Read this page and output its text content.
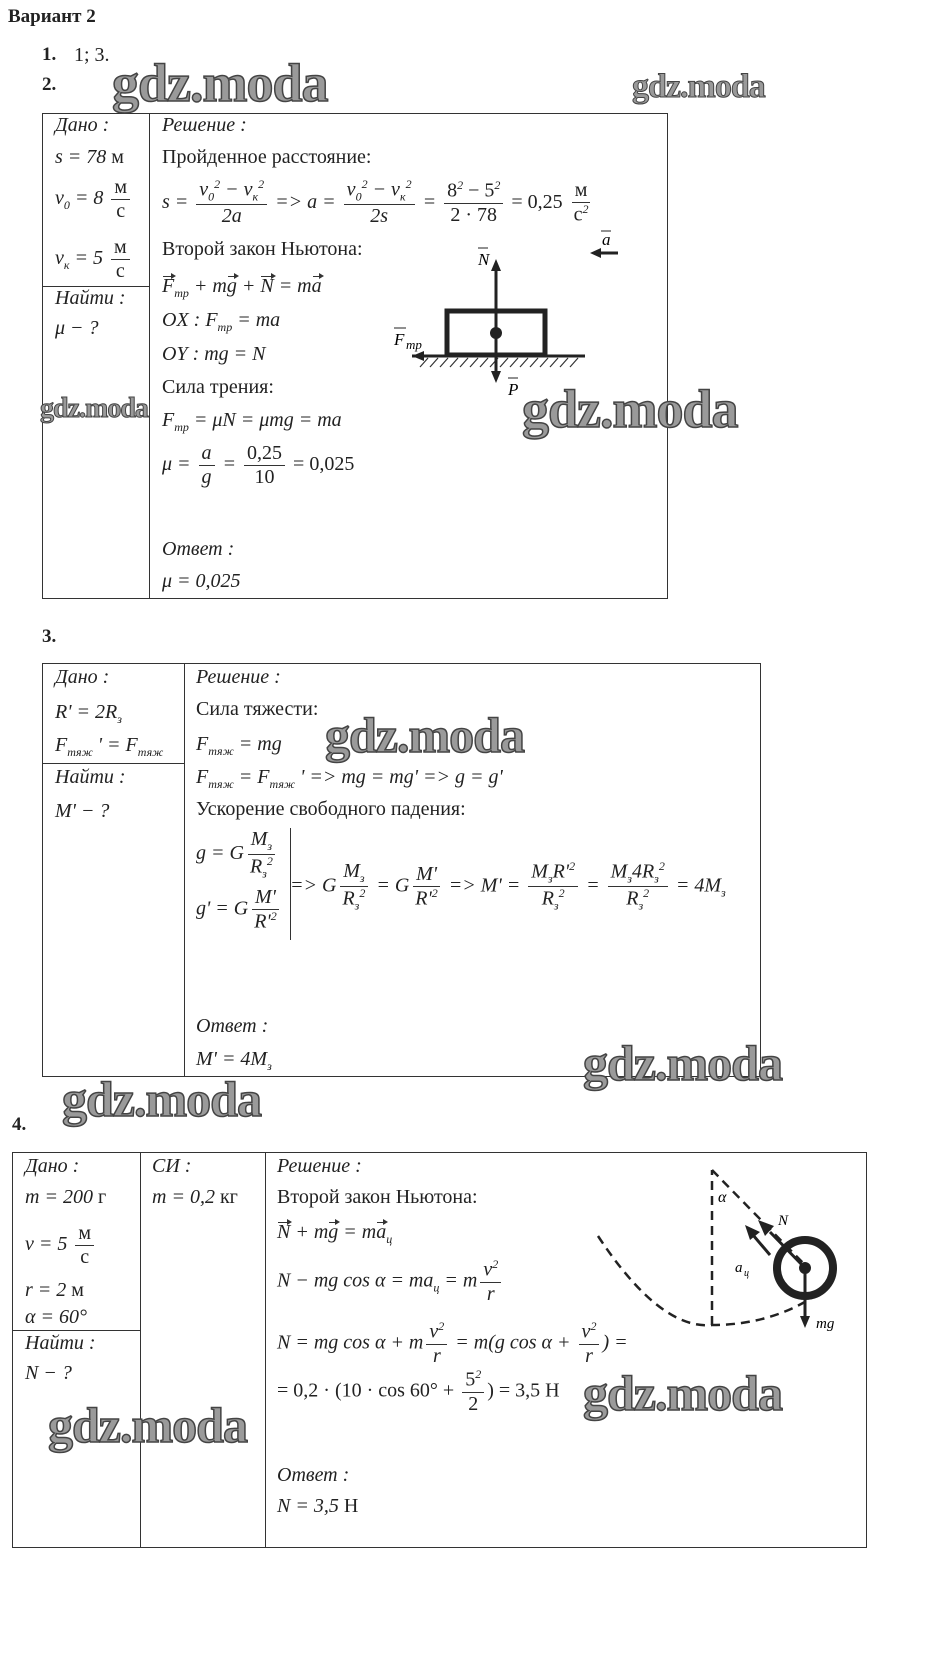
Вариант 2
1. 1; 3.
2.
Дано :
s = 78 м
$v_0 = 8 \frac{м}{с}$
$v_к = 5 \frac{м}{с}$
Найти :
μ − ?
Решение :
Пройденное расстояние:
$s = \frac{v_0^2 - v_к^2}{2a} => a = \frac{v_0^2 - v_к^2}{2s} = \frac{8^2 - 5^2}{2 \cdot 78} = 0,25 \frac{м}{с^2}$
Второй закон Ньютона:
$F_{тр}$ + mg + N = ma
OX : $F_{тр}$ = ma
OY : mg = N
Сила трения:
$F_{тр} = \mu N = \mu mg$ = ma
$\mu = \frac{a}{g} = \frac{0,25}{10} = 0,025$
Ответ :
μ = 0,025
N
F тр
P
a
3.
Дано :
$R' = 2R_з$
$F_{тяж}$ ' = $F_{тяж}$
Найти :
M' − ?
Решение :
Сила тяжести:
$F_{тяж}$ = mg
$F_{тяж} = F_{тяж}$ ' => mg = mg' => g = g'
Ускорение свободного падения:
g = G $\frac{M_з}{R_з^2}$
g' = G $\frac{M'}{R'^2}$
=> G $\frac{M_з}{R_з^2} = G \frac{M'}{R'^2} => M' = \frac{M_зR'^2}{R_з^2} = \frac{M_з4R_з^2}{R_з^2} = 4M_з$
Ответ :
$M' = 4M_з$
4.
Дано :
m = 200 г
$v = 5 \frac{м}{с}$
r = 2 м
α = 60°
Найти :
N − ?
СИ :
m = 0,2 кг
Решение :
Второй закон Ньютона:
N + mg = $ma_ц$
N − mg $\cos \alpha = ma_ц = m \frac{v^2}{r}$
N = mg cos α + m $\frac{v^2}{r} = m(g$ $\cos \alpha + \frac{v^2}{r}$ ) =
= $0,2 \cdot (10 \cdot \cos 60^\circ + \frac{5^2}{2}$ ) = 3,5 Н
Ответ :
N = 3,5 Н
α
N
a ц
mg
gdz.moda	gdz.moda
gdz.moda	gdz.moda
gdz.moda
gdz.moda
gdz.moda
gdz.moda
gdz.moda
